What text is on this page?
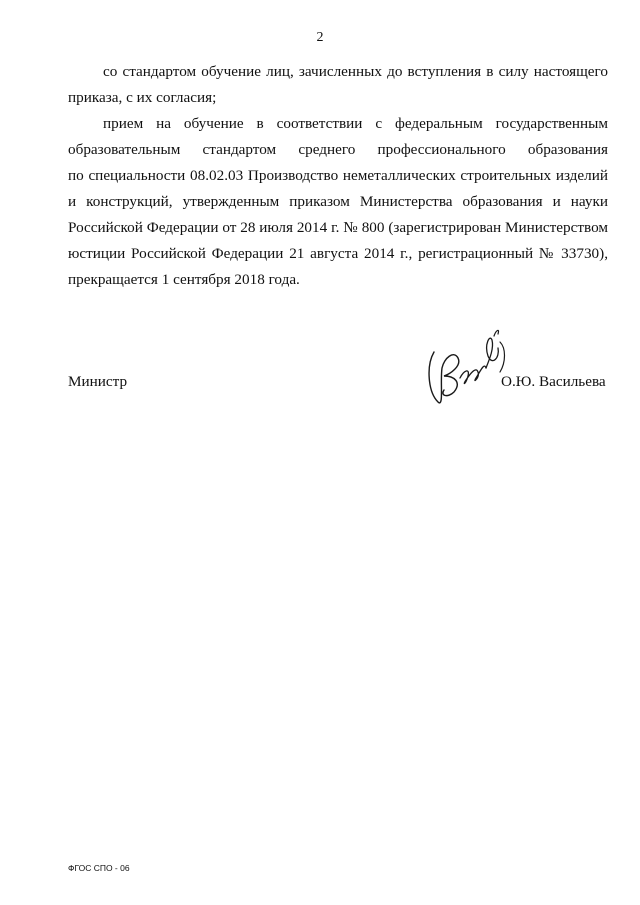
2
со стандартом обучение лиц, зачисленных до вступления в силу настоящего
приказа, с их согласия;
прием на обучение в соответствии с федеральным государственным
образовательным стандартом среднего профессионального образования
по специальности 08.02.03 Производство неметаллических строительных изделий
и конструкций, утвержденным приказом Министерства образования и науки
Российской Федерации от 28 июля 2014 г. № 800 (зарегистрирован Министерством
юстиции Российской Федерации 21 августа 2014 г., регистрационный № 33730),
прекращается 1 сентября 2018 года.
Министр	О.Ю. Васильева
ФГОС СПО - 06
